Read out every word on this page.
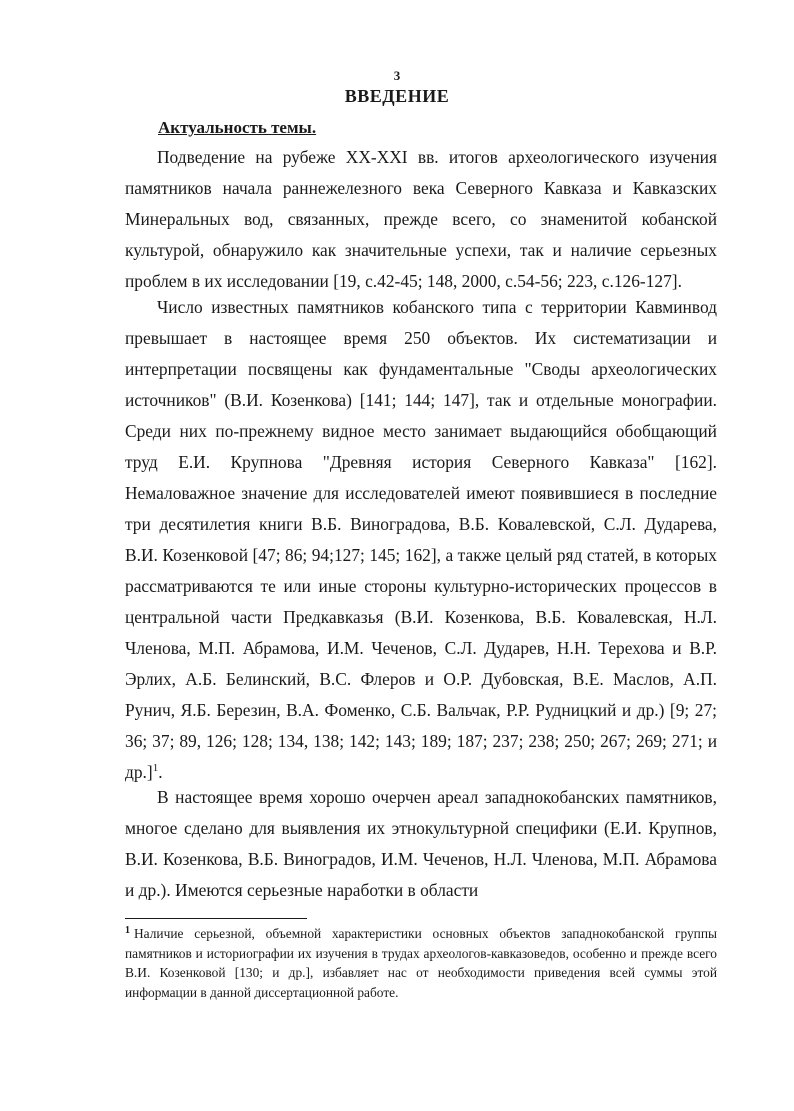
3
ВВЕДЕНИЕ
Актуальность темы.

Подведение на рубеже XX-XXI вв. итогов археологического изучения памятников начала раннежелезного века Северного Кавказа и Кавказских Минеральных вод, связанных, прежде всего, со знаменитой кобанской культурой, обнаружило как значительные успехи, так и наличие серьезных проблем в их исследовании [19, с.42-45; 148, 2000, с.54-56; 223, с.126-127].

Число известных памятников кобанского типа с территории Кавминвод превышает в настоящее время 250 объектов. Их систематизации и интерпретации посвящены как фундаментальные "Своды археологических источников" (В.И. Козенкова) [141; 144; 147], так и отдельные монографии. Среди них по-прежнему видное место занимает выдающийся обобщающий труд Е.И. Крупнова "Древняя история Северного Кавказа" [162]. Немаловажное значение для исследователей имеют появившиеся в последние три десятилетия книги В.Б. Виноградова, В.Б. Ковалевской, С.Л. Дударева, В.И. Козенковой [47; 86; 94;127; 145; 162], а также целый ряд статей, в которых рассматриваются те или иные стороны культурно-исторических процессов в центральной части Предкавказья (В.И. Козенкова, В.Б. Ковалевская, Н.Л. Членова, М.П. Абрамова, И.М. Чеченов, С.Л. Дударев, Н.Н. Терехова и В.Р. Эрлих, А.Б. Белинский, В.С. Флеров и О.Р. Дубовская, В.Е. Маслов, А.П. Рунич, Я.Б. Березин, В.А. Фоменко, С.Б. Вальчак, Р.Р. Рудницкий и др.) [9; 27; 36; 37; 89, 126; 128; 134, 138; 142; 143; 189; 187; 237; 238; 250; 267; 269; 271; и др.]$^1$.

В настоящее время хорошо очерчен ареал западнокобанских памятников, многое сделано для выявления их этнокультурной специфики (Е.И. Крупнов, В.И. Козенкова, В.Б. Виноградов, И.М. Чеченов, Н.Л. Членова, М.П. Абрамова и др.). Имеются серьезные наработки в области

$^1$ Наличие серьезной, объемной характеристики основных объектов западнокобанской группы памятников и историографии их изучения в трудах археологов-кавказоведов, особенно и прежде всего В.И. Козенковой [130; и др.], избавляет нас от необходимости приведения всей суммы этой информации в данной диссертационной работе.
